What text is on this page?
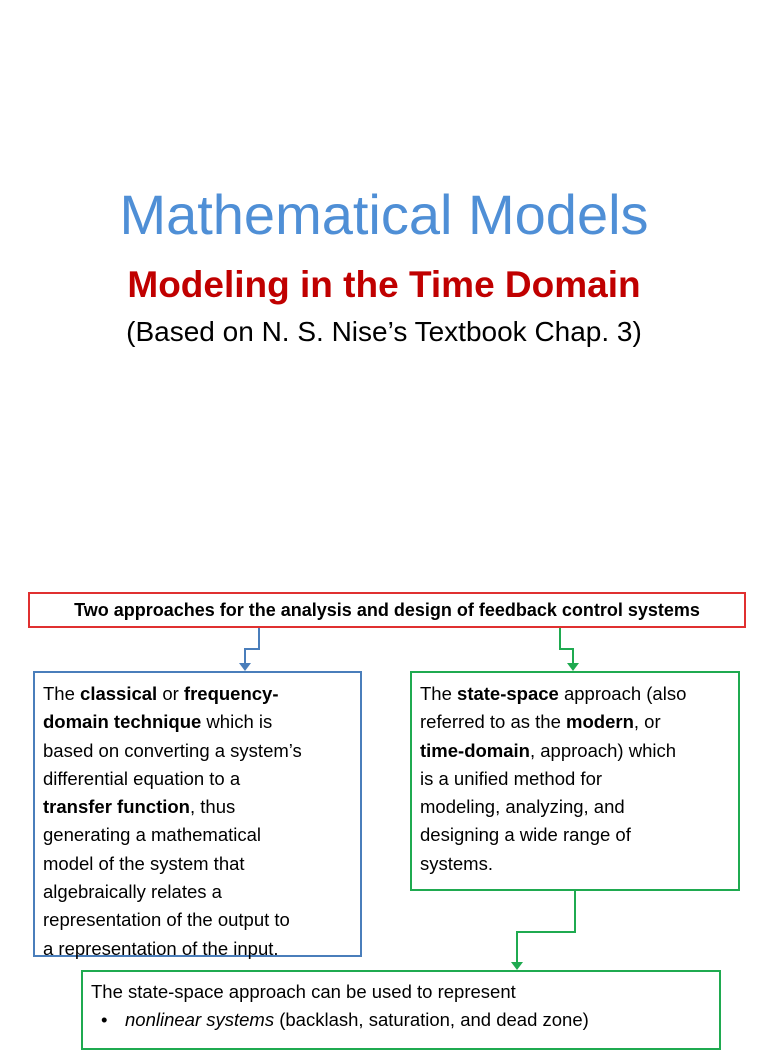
Mathematical Models
Modeling in the Time Domain
(Based on N. S. Nise’s Textbook Chap. 3)
Two approaches for the analysis and design of feedback control systems
The classical or frequency-
domain technique which is
based on converting a system’s
differential equation to a
transfer function, thus
generating a mathematical
model of the system that
algebraically relates a
representation of the output to
a representation of the input.
The state-space approach (also
referred to as the modern, or
time-domain, approach) which
is a unified method for
modeling, analyzing, and
designing a wide range of
systems.
The state-space approach can be used to represent
• nonlinear systems (backlash, saturation, and dead zone)
